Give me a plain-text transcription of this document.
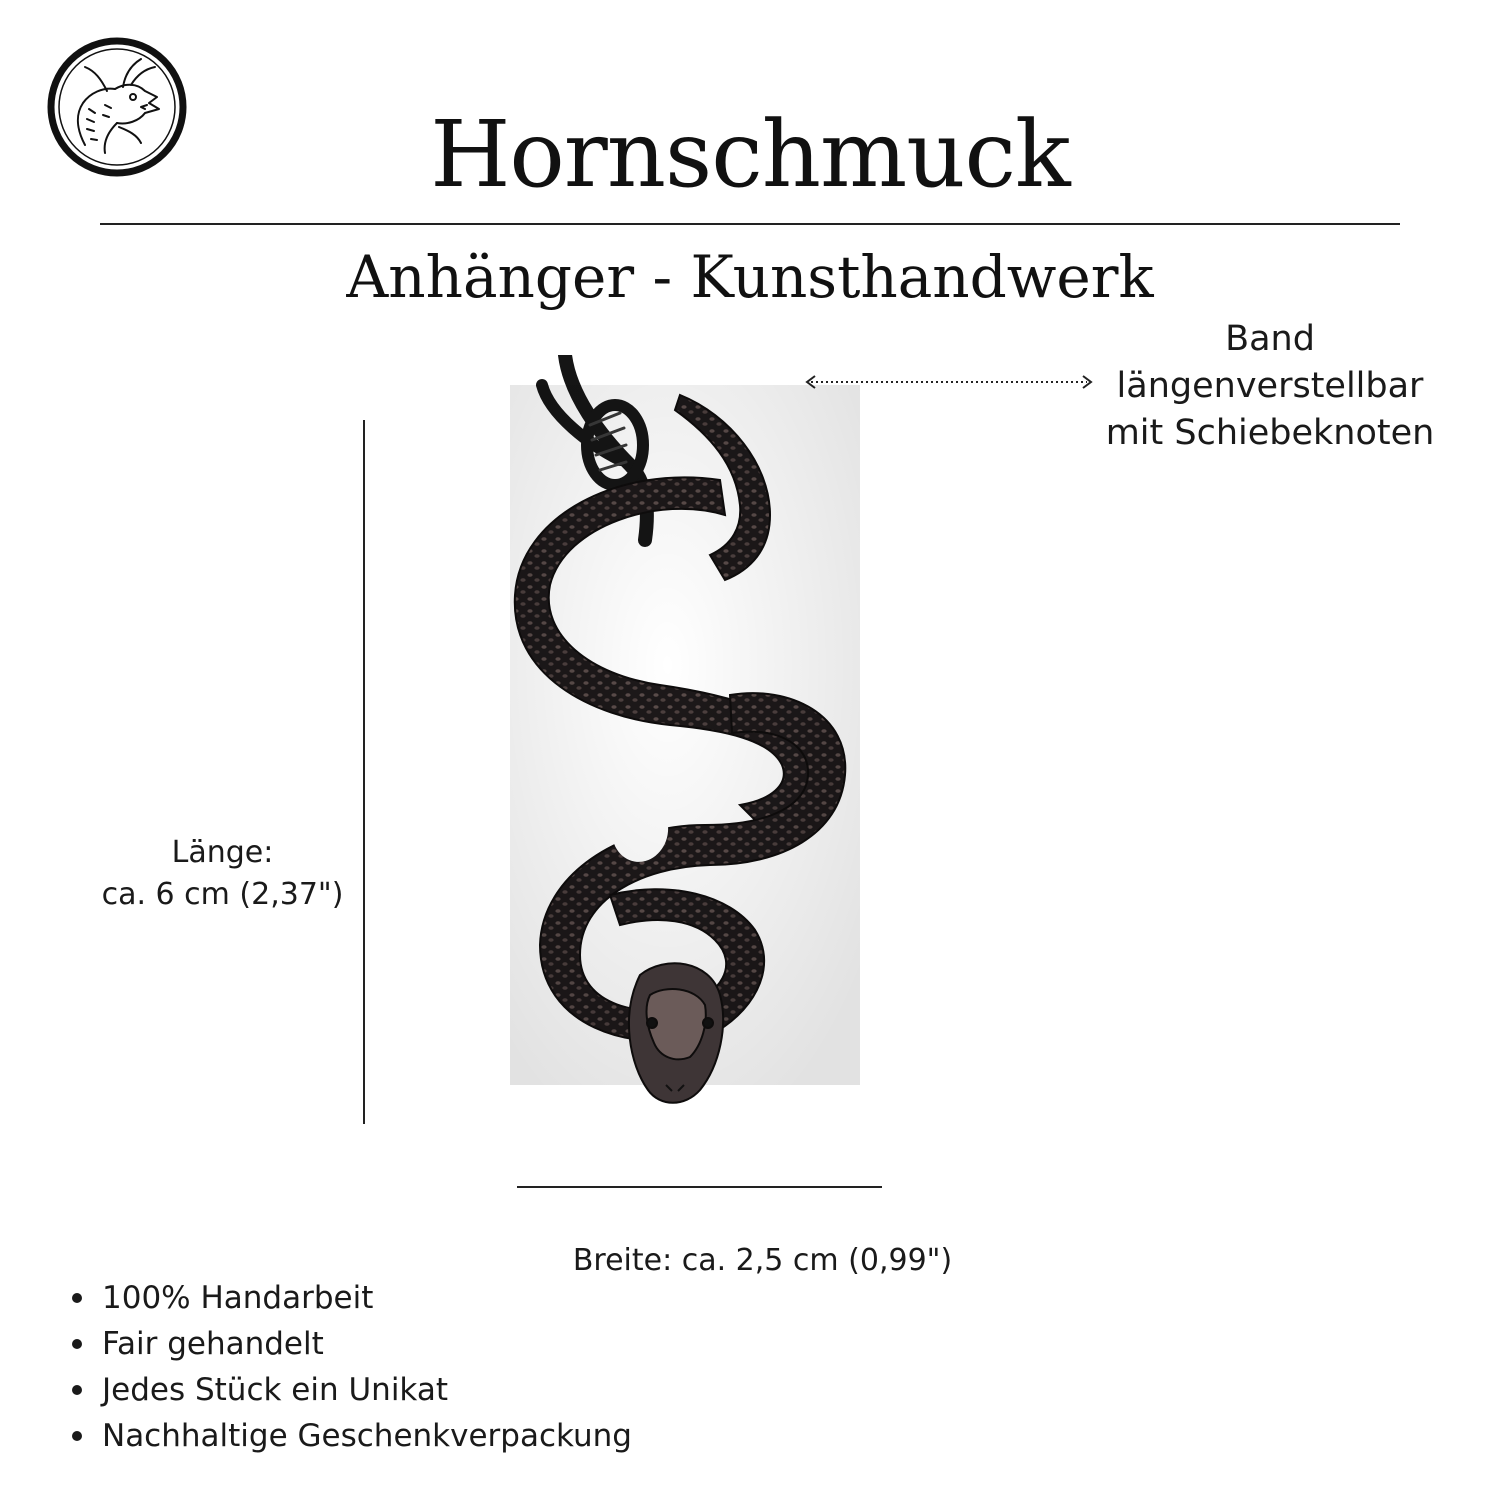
Hornschmuck
Anhänger - Kunsthandwerk
Band
längenverstellbar
mit Schiebeknoten
Länge:
ca. 6 cm (2,37")
Breite: ca. 2,5 cm (0,99")
100% Handarbeit
Fair gehandelt
Jedes Stück ein Unikat
Nachhaltige Geschenkverpackung
